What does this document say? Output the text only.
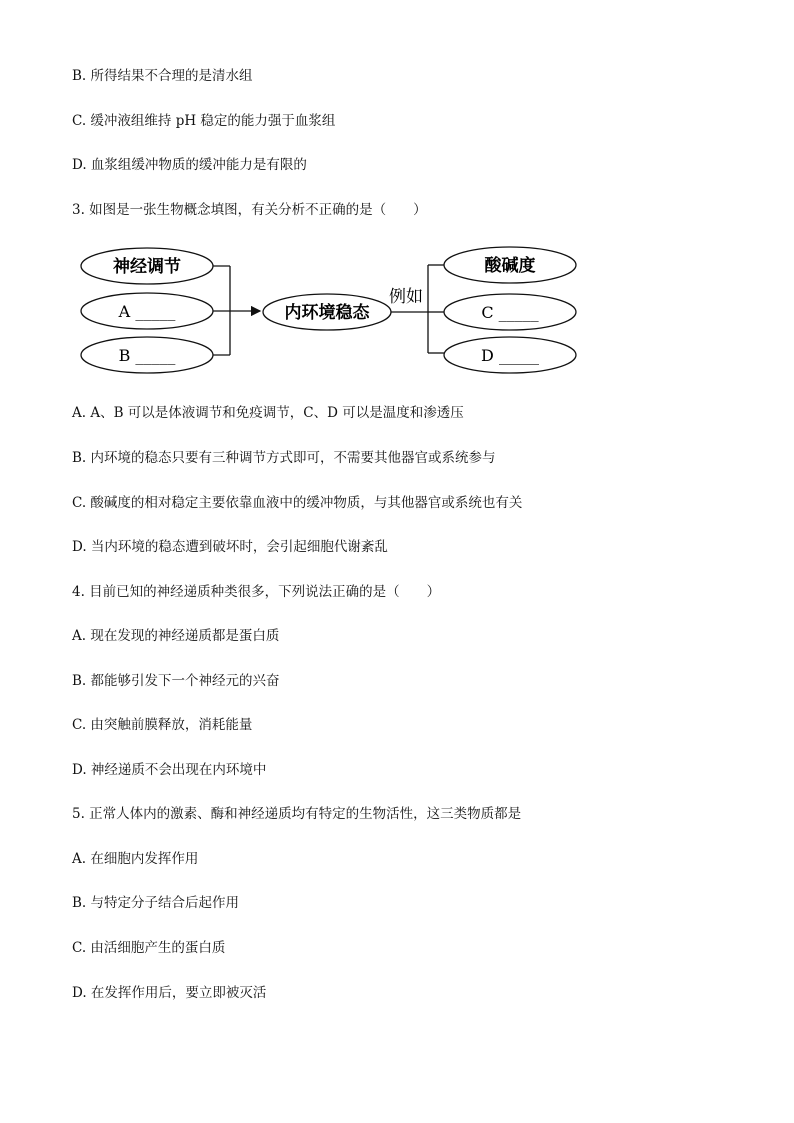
B. 所得结果不合理的是清水组
C. 缓冲液组维持 pH 稳定的能力强于血浆组
D. 血浆组缓冲物质的缓冲能力是有限的
3. 如图是一张生物概念填图，有关分析不正确的是（　　）
神经调节
A _____
B _____
内环境稳态
例如
酸碱度
C _____
D _____
A. A、B 可以是体液调节和免疫调节，C、D 可以是温度和渗透压
B. 内环境的稳态只要有三种调节方式即可，不需要其他器官或系统参与
C. 酸碱度的相对稳定主要依靠血液中的缓冲物质，与其他器官或系统也有关
D. 当内环境的稳态遭到破坏时，会引起细胞代谢紊乱
4. 目前已知的神经递质种类很多，下列说法正确的是（　　）
A. 现在发现的神经递质都是蛋白质
B. 都能够引发下一个神经元的兴奋
C. 由突触前膜释放，消耗能量
D. 神经递质不会出现在内环境中
5. 正常人体内的激素、酶和神经递质均有特定的生物活性，这三类物质都是
A. 在细胞内发挥作用
B. 与特定分子结合后起作用
C. 由活细胞产生的蛋白质
D. 在发挥作用后，要立即被灭活
